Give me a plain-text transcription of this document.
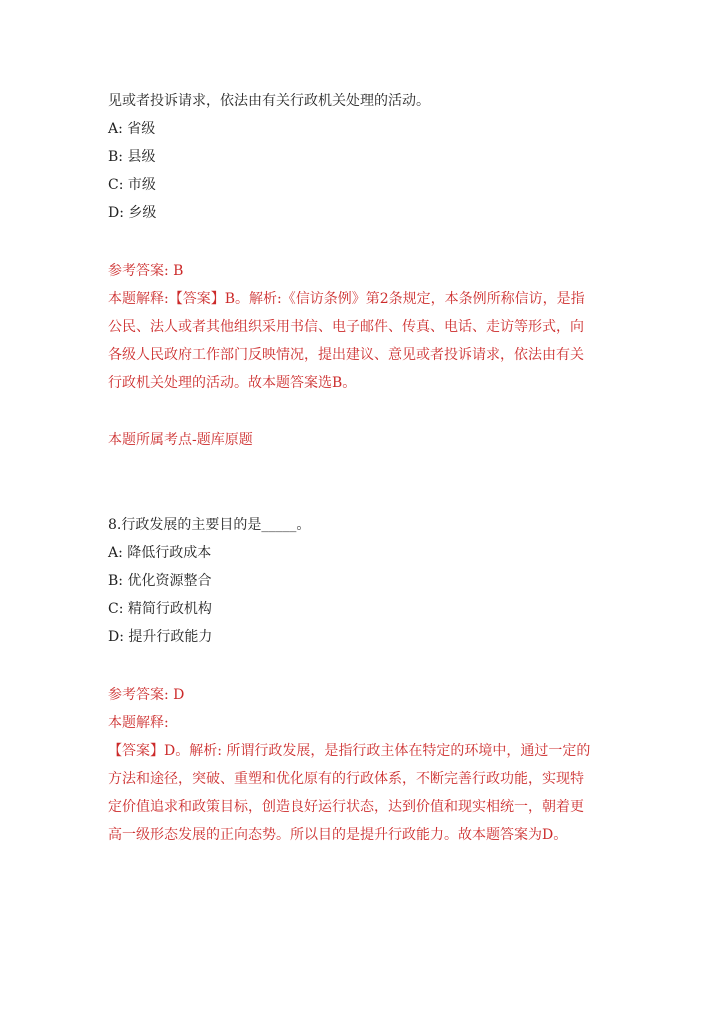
见或者投诉请求，依法由有关行政机关处理的活动。
A: 省级
B: 县级
C: 市级
D: 乡级
参考答案: B
本题解释:【答案】B。解析:《信访条例》第2条规定，本条例所称信访，是指
公民、法人或者其他组织采用书信、电子邮件、传真、电话、走访等形式，向
各级人民政府工作部门反映情况，提出建议、意见或者投诉请求，依法由有关
行政机关处理的活动。故本题答案选B。
本题所属考点-题库原题
8.行政发展的主要目的是_____。
A: 降低行政成本
B: 优化资源整合
C: 精简行政机构
D: 提升行政能力
参考答案: D
本题解释:
【答案】D。解析: 所谓行政发展，是指行政主体在特定的环境中，通过一定的
方法和途径，突破、重塑和优化原有的行政体系，不断完善行政功能，实现特
定价值追求和政策目标，创造良好运行状态，达到价值和现实相统一，朝着更
高一级形态发展的正向态势。所以目的是提升行政能力。故本题答案为D。
